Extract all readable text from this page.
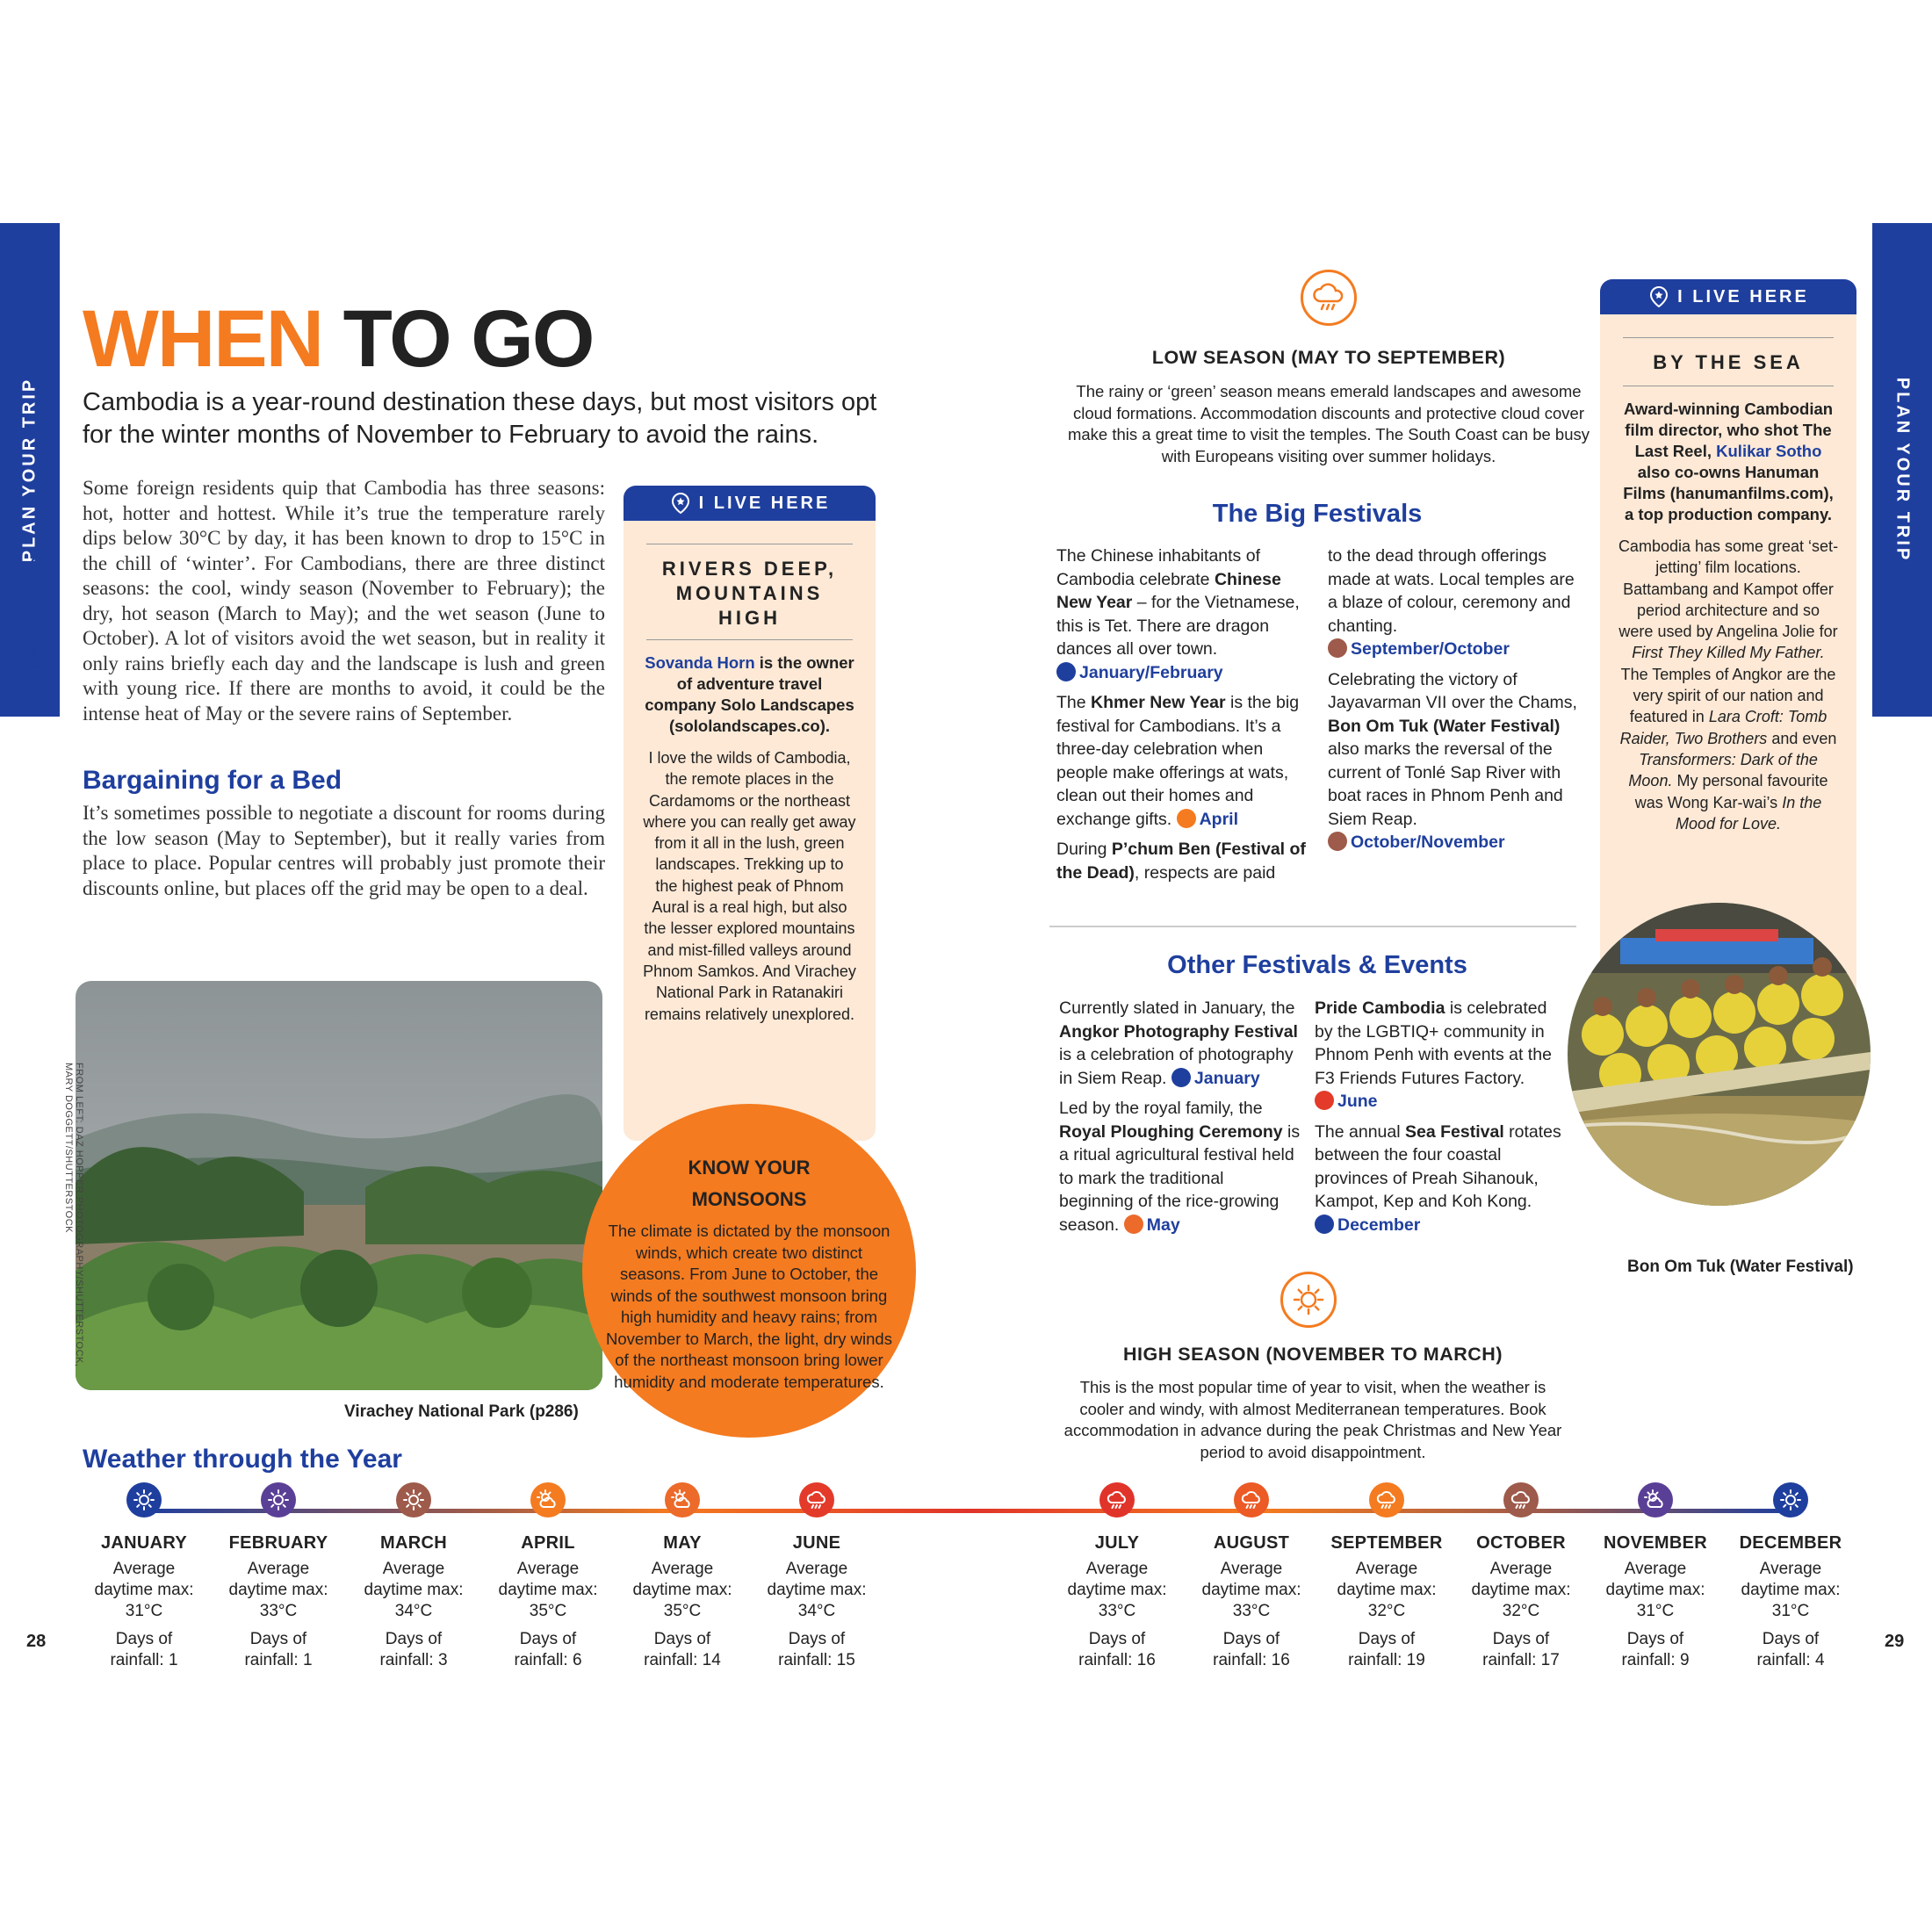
PLAN YOUR TRIP
WHEN TO GO
PLAN YOUR TRIP
WHEN TO GO
WHEN TO GO
Cambodia is a year-round destination these days, but most visitors opt for the winter months of November to February to avoid the rains.
Some foreign residents quip that Cambodia has three seasons: hot, hotter and hottest. While it’s true the temperature rarely dips below 30°C by day, it has been known to drop to 15°C in the chill of ‘winter’. For Cambodians, there are three distinct seasons: the cool, windy season (November to February); the dry, hot season (March to May); and the wet season (June to October). A lot of visitors avoid the wet season, but in reality it only rains briefly each day and the landscape is lush and green with young rice. If there are months to avoid, it could be the intense heat of May or the severe rains of September.
Bargaining for a Bed
It’s sometimes possible to negotiate a discount for rooms during the low season (May to September), but it really varies from place to place. Popular centres will probably just promote their discounts online, but places off the grid may be open to a deal.
I LIVE HERE
RIVERS DEEP, MOUNTAINS HIGH
Sovanda Horn is the owner of adventure travel company Solo Landscapes (sololandscapes.co).
I love the wilds of Cambodia, the remote places in the Cardamoms or the northeast where you can really get away from it all in the lush, green landscapes. Trekking up to the highest peak of Phnom Aural is a real high, but also the lesser explored mountains and mist-filled valleys around Phnom Samkos. And Virachey National Park in Ratanakiri remains relatively unexplored.
FROM LEFT: DAZ HOPPER PHOTOGRAPHY/SHUTTERSTOCK,
MARY DOGGETT/SHUTTERSTOCK
Virachey National Park (p286)
KNOW YOUR
MONSOONS
The climate is dictated by the monsoon winds, which create two distinct seasons. From June to October, the winds of the southwest monsoon bring high humidity and heavy rains; from November to March, the light, dry winds of the northeast monsoon bring lower humidity and moderate temperatures.
LOW SEASON (MAY TO SEPTEMBER)
The rainy or ‘green’ season means emerald landscapes and awesome cloud formations. Accommodation discounts and protective cloud cover make this a great time to visit the temples. The South Coast can be busy with Europeans visiting over summer holidays.
The Big Festivals

The Chinese inhabitants of Cambodia celebrate Chinese New Year – for the Vietnamese, this is Tet. There are dragon dances all over town. January/February

The Khmer New Year is the big festival for Cambodians. It’s a three-day celebration when people make offerings at wats, clean out their homes and exchange gifts. April

During P’chum Ben (Festival of the Dead), respects are paid

to the dead through offerings made at wats. Local temples are a blaze of colour, ceremony and chanting. September/October

Celebrating the victory of Jayavarman VII over the Chams, Bon Om Tuk (Water Festival) also marks the reversal of the current of Tonlé Sap River with boat races in Phnom Penh and Siem Reap. October/November

Other Festivals & Events

Currently slated in January, the Angkor Photography Festival is a celebration of photography in Siem Reap. January

Led by the royal family, the Royal Ploughing Ceremony is a ritual agricultural festival held to mark the traditional beginning of the rice-growing season. May

Pride Cambodia is celebrated by the LGBTIQ+ community in Phnom Penh with events at the F3 Friends Futures Factory. June

The annual Sea Festival rotates between the four coastal provinces of Preah Sihanouk, Kampot, Kep and Koh Kong. December

HIGH SEASON (NOVEMBER TO MARCH)
This is the most popular time of year to visit, when the weather is cooler and windy, with almost Mediterranean temperatures. Book accommodation in advance during the peak Christmas and New Year period to avoid disappointment.
I LIVE HERE
BY THE SEA
Award-winning Cambodian film director, who shot The Last Reel, Kulikar Sotho also co-owns Hanuman Films (hanumanfilms.com), a top production company.
Cambodia has some great ‘set-jetting’ film locations. Battambang and Kampot offer period architecture and so were used by Angelina Jolie for First They Killed My Father. The Temples of Angkor are the very spirit of our nation and featured in Lara Croft: Tomb Raider, Two Brothers and even Transformers: Dark of the Moon. My personal favourite was Wong Kar-wai’s In the Mood for Love.
Bon Om Tuk (Water Festival)
Weather through the Year
JANUARY
Average
daytime max:
31°C
Days of
rainfall: 1
FEBRUARY
Average
daytime max:
33°C
Days of
rainfall: 1
MARCH
Average
daytime max:
34°C
Days of
rainfall: 3
APRIL
Average
daytime max:
35°C
Days of
rainfall: 6
MAY
Average
daytime max:
35°C
Days of
rainfall: 14
JUNE
Average
daytime max:
34°C
Days of
rainfall: 15
JULY
Average
daytime max:
33°C
Days of
rainfall: 16
AUGUST
Average
daytime max:
33°C
Days of
rainfall: 16
SEPTEMBER
Average
daytime max:
32°C
Days of
rainfall: 19
OCTOBER
Average
daytime max:
32°C
Days of
rainfall: 17
NOVEMBER
Average
daytime max:
31°C
Days of
rainfall: 9
DECEMBER
Average
daytime max:
31°C
Days of
rainfall: 4
28	29
